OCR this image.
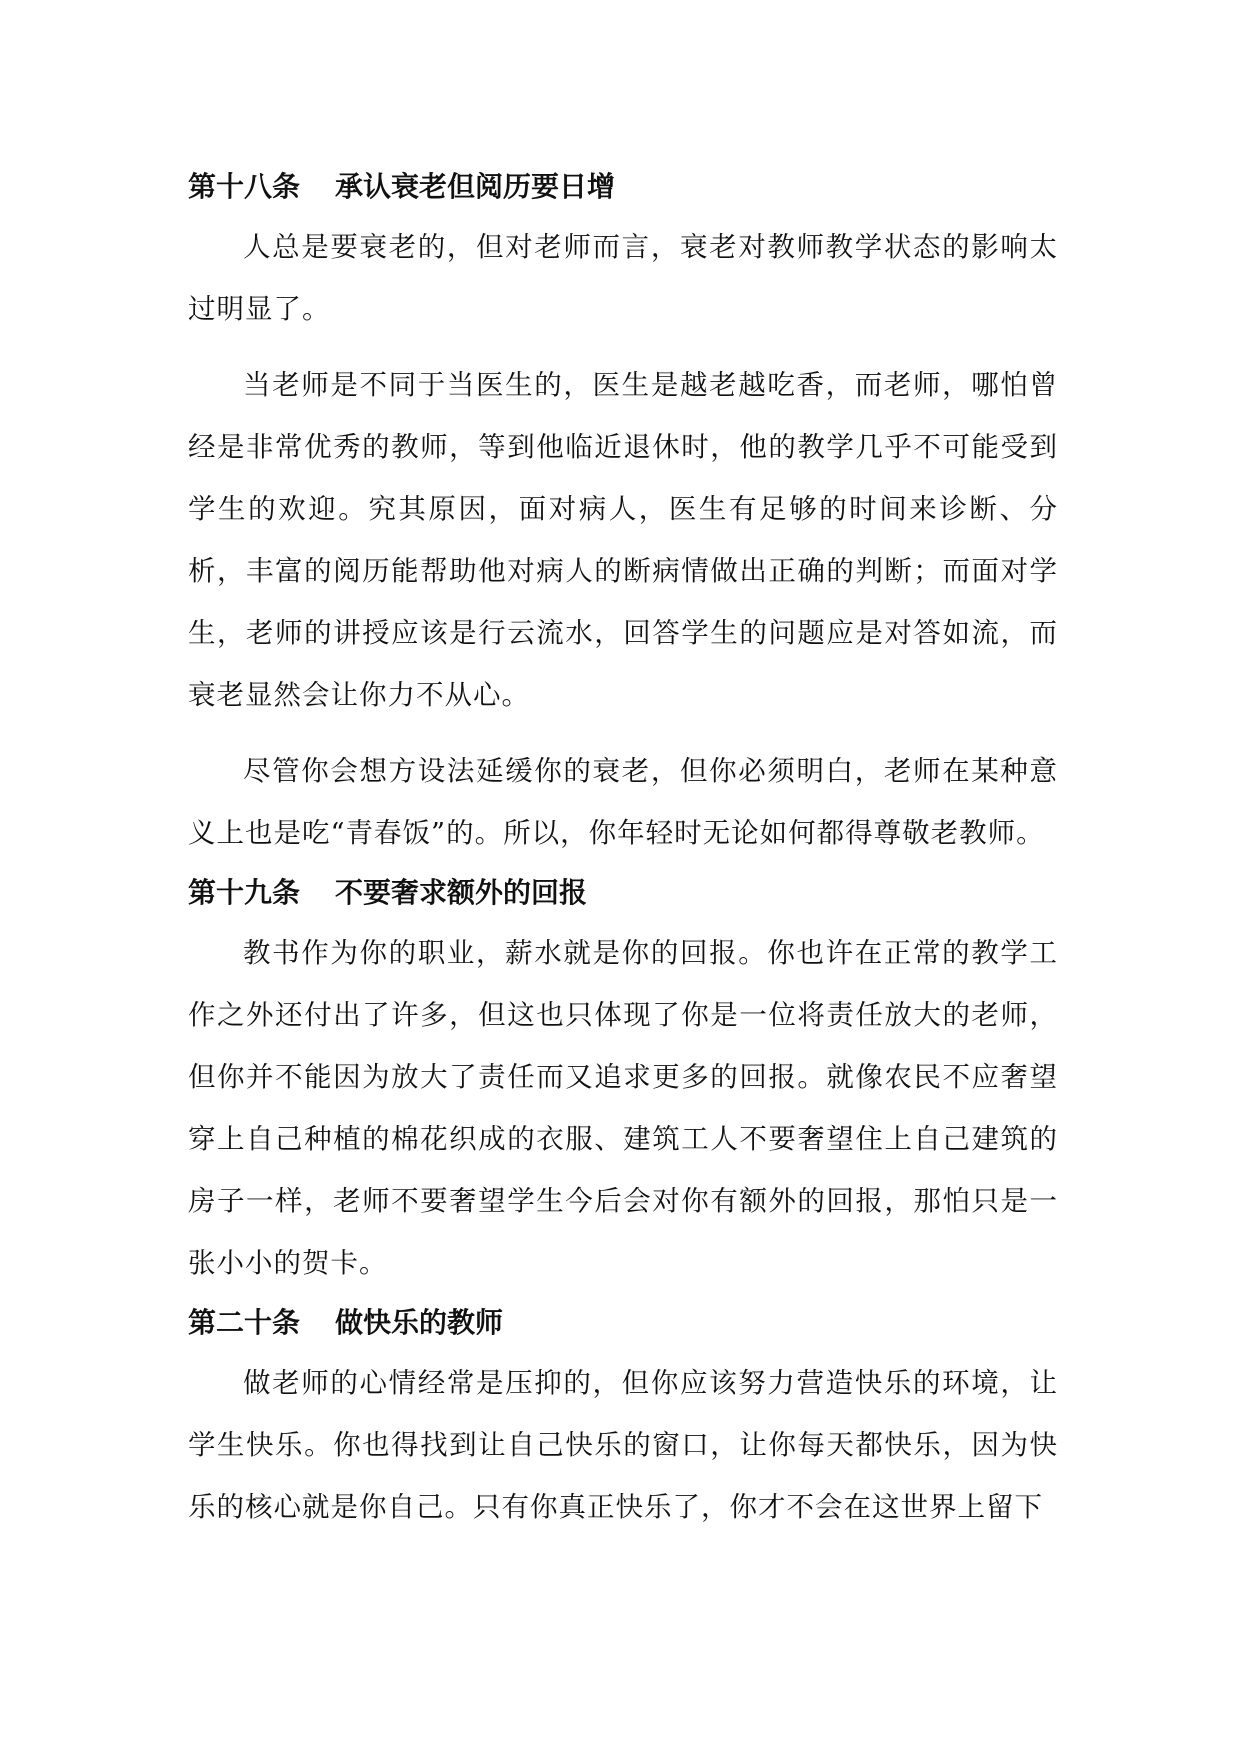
第十八条 承认衰老但阅历要日增

人总是要衰老的，但对老师而言，衰老对教师教学状态的影响太过明显了。

当老师是不同于当医生的，医生是越老越吃香，而老师，哪怕曾经是非常优秀的教师，等到他临近退休时，他的教学几乎不可能受到学生的欢迎。究其原因，面对病人，医生有足够的时间来诊断、分析，丰富的阅历能帮助他对病人的断病情做出正确的判断；而面对学生，老师的讲授应该是行云流水，回答学生的问题应是对答如流，而衰老显然会让你力不从心。

尽管你会想方设法延缓你的衰老，但你必须明白，老师在某种意义上也是吃“青春饭”的。所以，你年轻时无论如何都得尊敬老教师。

第十九条 不要奢求额外的回报

教书作为你的职业，薪水就是你的回报。你也许在正常的教学工作之外还付出了许多，但这也只体现了你是一位将责任放大的老师，但你并不能因为放大了责任而又追求更多的回报。就像农民不应奢望穿上自己种植的棉花织成的衣服、建筑工人不要奢望住上自己建筑的房子一样，老师不要奢望学生今后会对你有额外的回报，那怕只是一张小小的贺卡。

第二十条 做快乐的教师

做老师的心情经常是压抑的，但你应该努力营造快乐的环境，让学生快乐。你也得找到让自己快乐的窗口，让你每天都快乐，因为快乐的核心就是你自己。只有你真正快乐了，你才不会在这世界上留下
